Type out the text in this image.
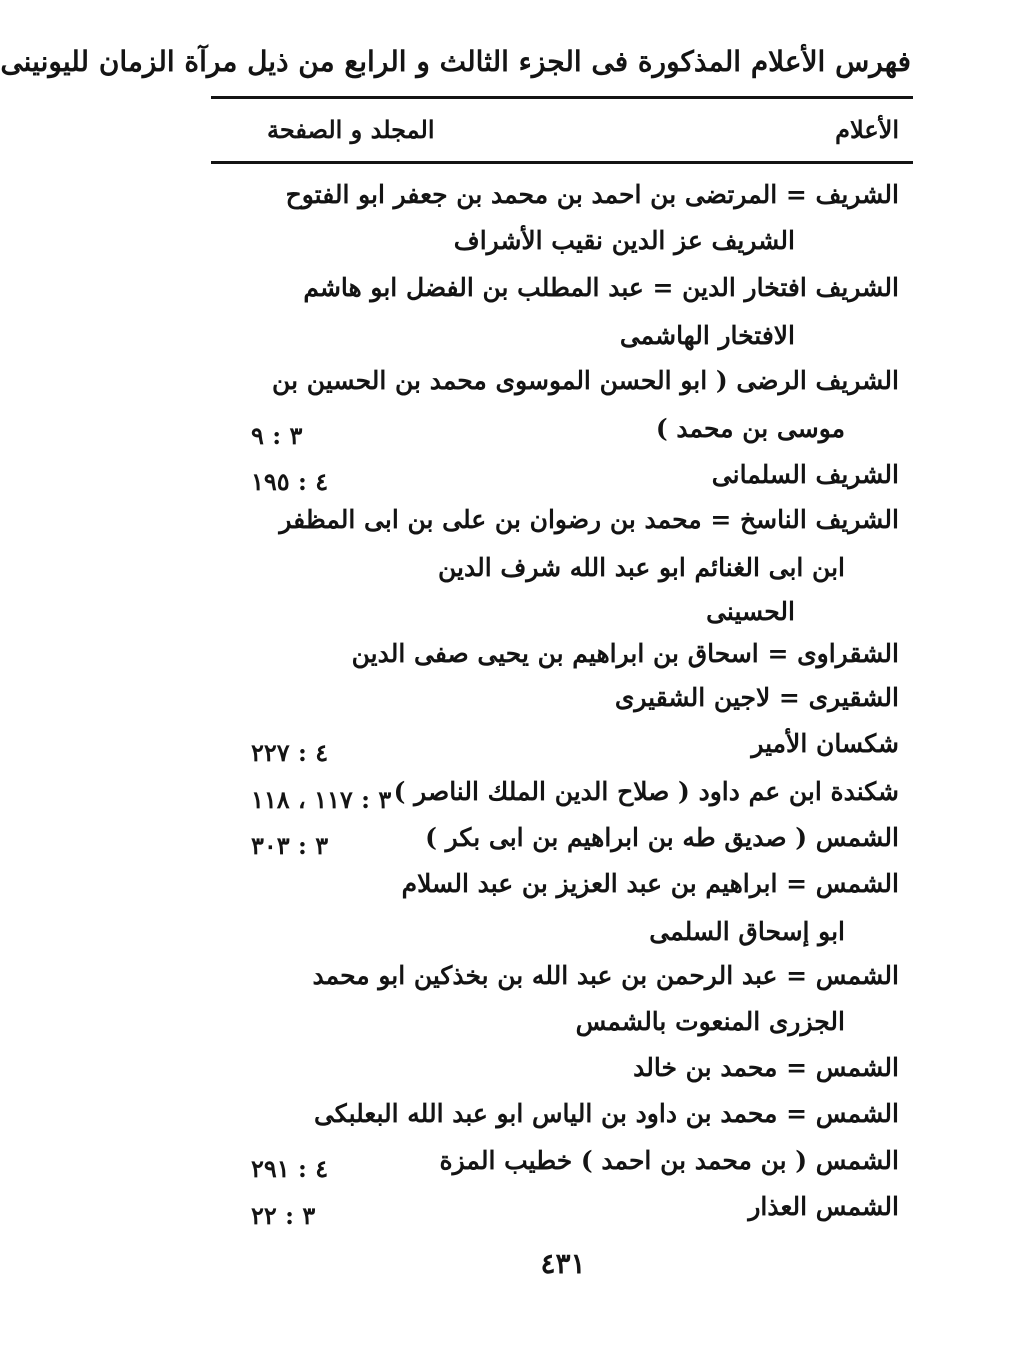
فهرس الأعلام المذكورة فى الجزء الثالث و الرابع من ذيل مرآة الزمان لليونينى
الأعلام
المجلد و الصفحة
الشريف = المرتضى بن احمد بن محمد بن جعفر ابو الفتوح
الشريف عز الدين نقيب الأشراف
الشريف افتخار الدين = عبد المطلب بن الفضل ابو هاشم
الافتخار الهاشمى
الشريف الرضى ( ابو الحسن الموسوى محمد بن الحسين بن
موسى بن محمد )
٣ : ٩
الشريف السلمانى
٤ : ١٩٥
الشريف الناسخ = محمد بن رضوان بن على بن ابى المظفر
ابن ابى الغنائم ابو عبد الله شرف الدين
الحسينى
الشقراوى = اسحاق بن ابراهيم بن يحيى صفى الدين
الشقيرى = لاجين الشقيرى
شكسان الأمير
٤ : ٢٢٧
شكندة ابن عم داود ( صلاح الدين الملك الناصر )
٣ : ١١٧ ، ١١٨
الشمس ( صديق طه بن ابراهيم بن ابى بكر )
٣ : ٣٠٣
الشمس = ابراهيم بن عبد العزيز بن عبد السلام
ابو إسحاق السلمى
الشمس = عبد الرحمن بن عبد الله بن بخذكين ابو محمد
الجزرى المنعوت بالشمس
الشمس = محمد بن خالد
الشمس = محمد بن داود بن الياس ابو عبد الله البعلبكى
الشمس ( بن محمد بن احمد ) خطيب المزة
٤ : ٢٩١
الشمس العذار
٣ : ٢٢
٤٣١
